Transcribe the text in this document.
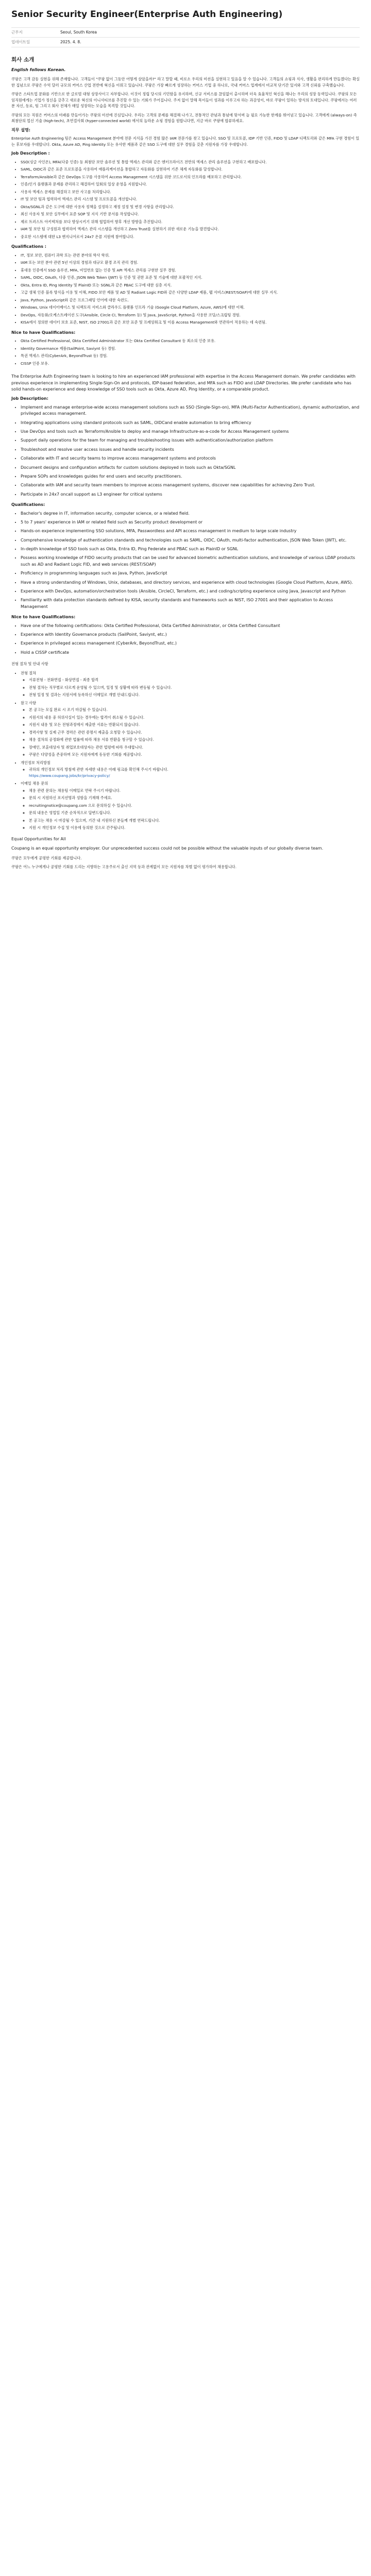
Senior Security Engineer(Enterprise Auth Engineering)
근무지	Seoul, South Korea
업데이트일	2025. 4. 8.
회사 소개

English follows Korean.

쿠팡은 고객 감동 실현을 위해 존재합니다. 고객들이 "쿠팡 없이 그동안 어떻게 살았을까?" 라고 말할 때, 비로소 우리의 미션을 실현하고 있음을 알 수 있습니다. 고객들의 쇼핑과 식사, 생활을 편리하게 만들겠다는 확실한 집념으로 쿠팡은 수억 달러 규모의 커머스 산업 전반에 혁신을 이뤄고 있습니다. 쿠팡은 가장 빠르게 성장하는 커머스 기업 중 하나로, 국내 커머스 업계에서 비교적 단기간 있지와 고객 신뢰를 구축했습니다.

쿠팡은 스타트업 문화를 기반으로 한 글로벌 대형 상장사이고 자부합니다. 이것이 정립 당시의 기민함을 유지하며, 신규 서비스를 끊임없이 출시하며 더욱 효율적인 혁신을 해나는 우리의 성장 동력입니다. 쿠팡의 모든 임직원에게는 기업가 정신을 갖추고 새로운 혁신의 이니셔티브를 추진할 수 있는 기회가 주어집니다. 주저 없이 말해 목이들이 성과를 이루고자 하는 과감성이, 바로 쿠팡이 일하는 방식의 토대입니다. 쿠팡에서는 여러분 자신, 동료, 팀 그리고 회사 전체가 매일 성장하는 모습을 목격할 것입니다.

쿠팡의 모든 직원은 커머스의 미래를 만들어가는 쿠팡의 미션에 진심입니다. 우리는 고객의 문제를 해결해 나가고, 전통적인 관념과 통념에 맞서며 늘 필요 가능한 한계를 뛰어넘고 있습니다. 고객에게 (always-on) 즉 최첨단의 업신 기술 (high-tech), 초연결사회 (hyper-connected world) 에서의 놀라운 쇼핑 경험을 원합니다면, 지금 바로 쿠팡에 합류하세요.

직무 설명:

Enterprise Auth Engineering 팀은 Access Management 분야에 전문 지식을 가진 경험 많은 IAM 전문가를 찾고 있습니다. SSO 및 프로토콜, IDP 기반 인증, FIDO 및 LDAP 디렉토리와 같은 MFA 구현 경험이 있는 후보자를 우대합니다. Okta, Azure AD, Ping Identity 또는 유사한 제품과 같은 SSO 도구에 대한 실무 경험을 갖춘 지원자를 가장 우대합니다.

Job Description :
• SSO(싱글 사인온), MFA(다중 인증) 등 최첨단 보안 솔루션 및 통합 엑세스 관리와 같은 엔터프라이즈 전반의 엑세스 관리 솔루션을 구현하고 배포합니다.
• SAML, OIDC과 같은 표준 프로토콜을 사용하여 애플리케이션을 통합하고 자동화를 실현하여 기존 체계 자동화를 달성합니다.
• Terraform/Ansible과 같은 DevOps 도구를 사용하여 Access Management 시스템을 위한 코드로서의 인프라를 배포하고 관리합니다.
• 인증/인가 플랫폼과 문제를 관리하고 해결하여 일회의 일상 운영을 지원합니다.
• 사용자 엑세스 문제를 해결하고 보안 사고를 처리합니다.
• IT 및 보안 팀과 협력하여 엑세스 관리 시스템 및 프로토콜을 개선합니다.
• Okta/SGNL과 같은 도구에 대한 사용자 정책을 설정하고 재정 설정 및 변경 사항을 관리합니다.
• 최신 사용자 및 보안 실무에서 표준 SOP 및 지식 기반 문서를 작성합니다.
• 제로 트러스트 아키텍처를 보다 향상시키기 위해 협업하여 향후 개선 방향을 추진합니다.
• IAM 및 보안 팀 구성원과 협력하여 엑세스 관리 시스템을 개선하고 Zero Trust를 실현하기 위한 새로운 기능을 발견합니다.
• 중요한 시스템에 대한 L3 엔지니어로서 24x7 온콜 지원에 참여합니다.
Qualifications :
• IT, 정보 보안, 컴퓨터 과학 또는 관련 분야의 학사 학위.
• IAM 또는 보안 분야 관련 5년 이상의 경험과 대규모 환경 조직 관리 경험.
• 휴대용 인증에서 SSO 솔루션, MFA, 비밀번호 없는 인증 및 API 엑세스 관리를 구현한 실무 경험.
• SAML, OIDC, OAuth, 다중 인증, JSON Web Token (JWT) 등 인증 및 권한 표준 및 기술에 대한 포괄적인 지식.
• Okta, Entra ID, Ping Identity 및 PlainID 또는 SGNL과 같은 PBAC 도구에 대한 심층 지식.
• 고급 생체 인증 블록 방식을 이용 및 이해, FIDO 보안 제품 및 AD 및 Radiant Logic FID와 같은 다양한 LDAP 제품, 웹 서비스(REST/SOAP)에 대한 실무 지식.
• Java, Python, JavaScript와 같은 프로그래밍 언어에 대한 숙련도.
• Windows, Unix 데이터베이스 및 디렉토리 서비스와 클라우드 플랫폼 인프라 기술 (Google Cloud Platform, Azure, AWS)에 대한 이해.
• DevOps, 자동화/오케스트레이션 도구(Ansible, Circle CI, Terraform 등) 및 Java, JavaScript, Python을 사용한 코딩/스크립팅 경험.
• KISA에서 정의한 데이터 보호 표준, NIST, ISO 27001과 같은 보안 표준 및 프레임워크 및 이를 Access Management와 연관하여 적용하는 데 숙련됨.
Nice to have Qualifications:
• Okta Certified Professional, Okta Certified Administrator 또는 Okta Certified Consultant 등 최소의 인증 보유.
• Identity Governance 제품(SailPoint, Saviynt 등) 경험.
• 특권 엑세스 관리(CyberArk, BeyondTrust 등) 경험.
• CISSP 인증 보유.

The Enterprise Auth Engineering team is looking to hire an experienced IAM professional with expertise in the Access Management domain. We prefer candidates with previous experience in implementing Single-Sign-On and protocols, IDP-based federation, and MFA such as FIDO and LDAP Directories. We prefer candidate who has solid hands-on experience and deep knowledge of SSO tools such as Okta, Azure AD, Ping Identity, or a comparable product.

Job Description:
• Implement and manage enterprise-wide access management solutions such as SSO (Single-Sign-on), MFA (Multi-Factor Authentication), dynamic authorization, and privileged access management.
• Integrating applications using standard protocols such as SAML, OIDCand enable automation to bring efficiency
• Use DevOps and tools such as Terraform/Ansible to deploy and manage Infrastructure-as-a-code for Access Management systems
• Support daily operations for the team for managing and troubleshooting issues with authentication/authorization platform
• Troubleshoot and resolve user access issues and handle security incidents
• Collaborate with IT and security teams to improve access management systems and protocols
• Document designs and configuration artifacts for custom solutions deployed in tools such as Okta/SGNL
• Prepare SOPs and knowledges guides for end users and security practitioners.
• Collaborate with IAM and security team members to improve access management systems, discover new capabilities for achieving Zero Trust.
• Participate in 24x7 oncall support as L3 engineer for critical systems
Qualifications:
• Bachelor's degree in IT, information security, computer science, or a related field.
• 5 to 7 years' experience in IAM or related field such as Security product development or
• Hands-on experience implementing SSO solutions, MFA, Passwordless and API access management in medium to large scale industry
• Comprehensive knowledge of authentication standards and technologies such as SAML, OIDC, OAuth, multi-factor authentication, JSON Web Token (JWT), etc.
• In-depth knowledge of SSO tools such as Okta, Entra ID, Ping Federate and PBAC such as PlainID or SGNL
• Possess working knowledge of FIDO security products that can be used for advanced biometric authentication solutions, and knowledge of various LDAP products such as AD and Radiant Logic FID, and web services (REST/SOAP)
• Proficiency in programming languages such as Java, Python, JavaScript
• Have a strong understanding of Windows, Unix, databases, and directory services, and experience with cloud technologies (Google Cloud Platform, Azure, AWS).
• Experience with DevOps, automation/orchestration tools (Ansible, CircleCI, Terraform, etc.) and coding/scripting experience using Java, Javascript and Python
• Familiarity with data protection standards defined by KISA, security standards and frameworks such as NIST, ISO 27001 and their application to Access Management
Nice to have Qualifications:
• Have one of the following certifications: Okta Certified Professional, Okta Certified Administrator, or Okta Certified Consultant
• Experience with Identity Governance products (SailPoint, Saviynt, etc.)
• Experience in privileged access management (CyberArk, BeyondTrust, etc.)
• Hold a CISSP certificate

전형 절차 및 안내 사항

• 전형 절차
◦ 서류전형 - 전화면접 - 화상면접 - 최종 합격
◦ 전형 절차는 직무별로 다르게 운영될 수 있으며, 일정 및 상황에 따라 변동될 수 있습니다.
◦ 전형 일정 및 결과는 지원서에 등록하신 이메일로 개별 안내드립니다.
• 참고 사항
◦ 본 공고는 모집 완료 시 조기 마감될 수 있습니다.
◦ 지원서의 내용 중 허위사실이 있는 경우에는 합격이 취소될 수 있습니다.
◦ 지원서 내용 및 모든 전형과정에서 제출한 서류는 반환되지 않습니다.
◦ 경력사항 및 실제 근무 경력은 관련 증명서 제출을 요청할 수 있습니다.
◦ 채용 절차의 공정화에 관한 법률에 따라 채용 서류 반환을 청구할 수 있습니다.
◦ 장애인, 보훈대상자 및 취업보호대상자는 관련 법령에 따라 우대합니다.
◦ 쿠팡은 다양성을 존중하며 모든 지원자에게 동등한 기회를 제공합니다.
• 개인정보 처리방침
◦ 귀하의 개인정보 처리 방침에 관한 자세한 내용은 아래 링크를 확인해 주시기 바랍니다.
https://www.coupang.jobs/kr/privacy-policy/
• 이메일 채용 문의
◦ 채용 관련 문의는 채용팀 이메일로 연락 주시기 바랍니다.
◦ 문의 시 지원하신 포지션명과 성함을 기재해 주세요.
◦ recruitingnotice@coupang.com 으로 문의하실 수 있습니다.
◦ 문의 내용은 영업일 기준 순차적으로 답변드립니다.
◦ 본 공고는 채용 시 마감될 수 있으며, 기간 내 지원하신 분들께 개별 연락드립니다.
◦ 지원 시 개인정보 수집 및 이용에 동의한 것으로 간주됩니다.

Equal Opportunities for All

Coupang is an equal opportunity employer. Our unprecedented success could not be possible without the valuable inputs of our globally diverse team.

쿠팡은 모두에게 공평한 기회를 제공합니다.

쿠팡은 어느 누구에게나 공평한 기회를 드리는 지향하는 고용주로서 출신 지역 등과 관계없이 모든 지원자를 차별 없이 평가하여 채용합니다.
